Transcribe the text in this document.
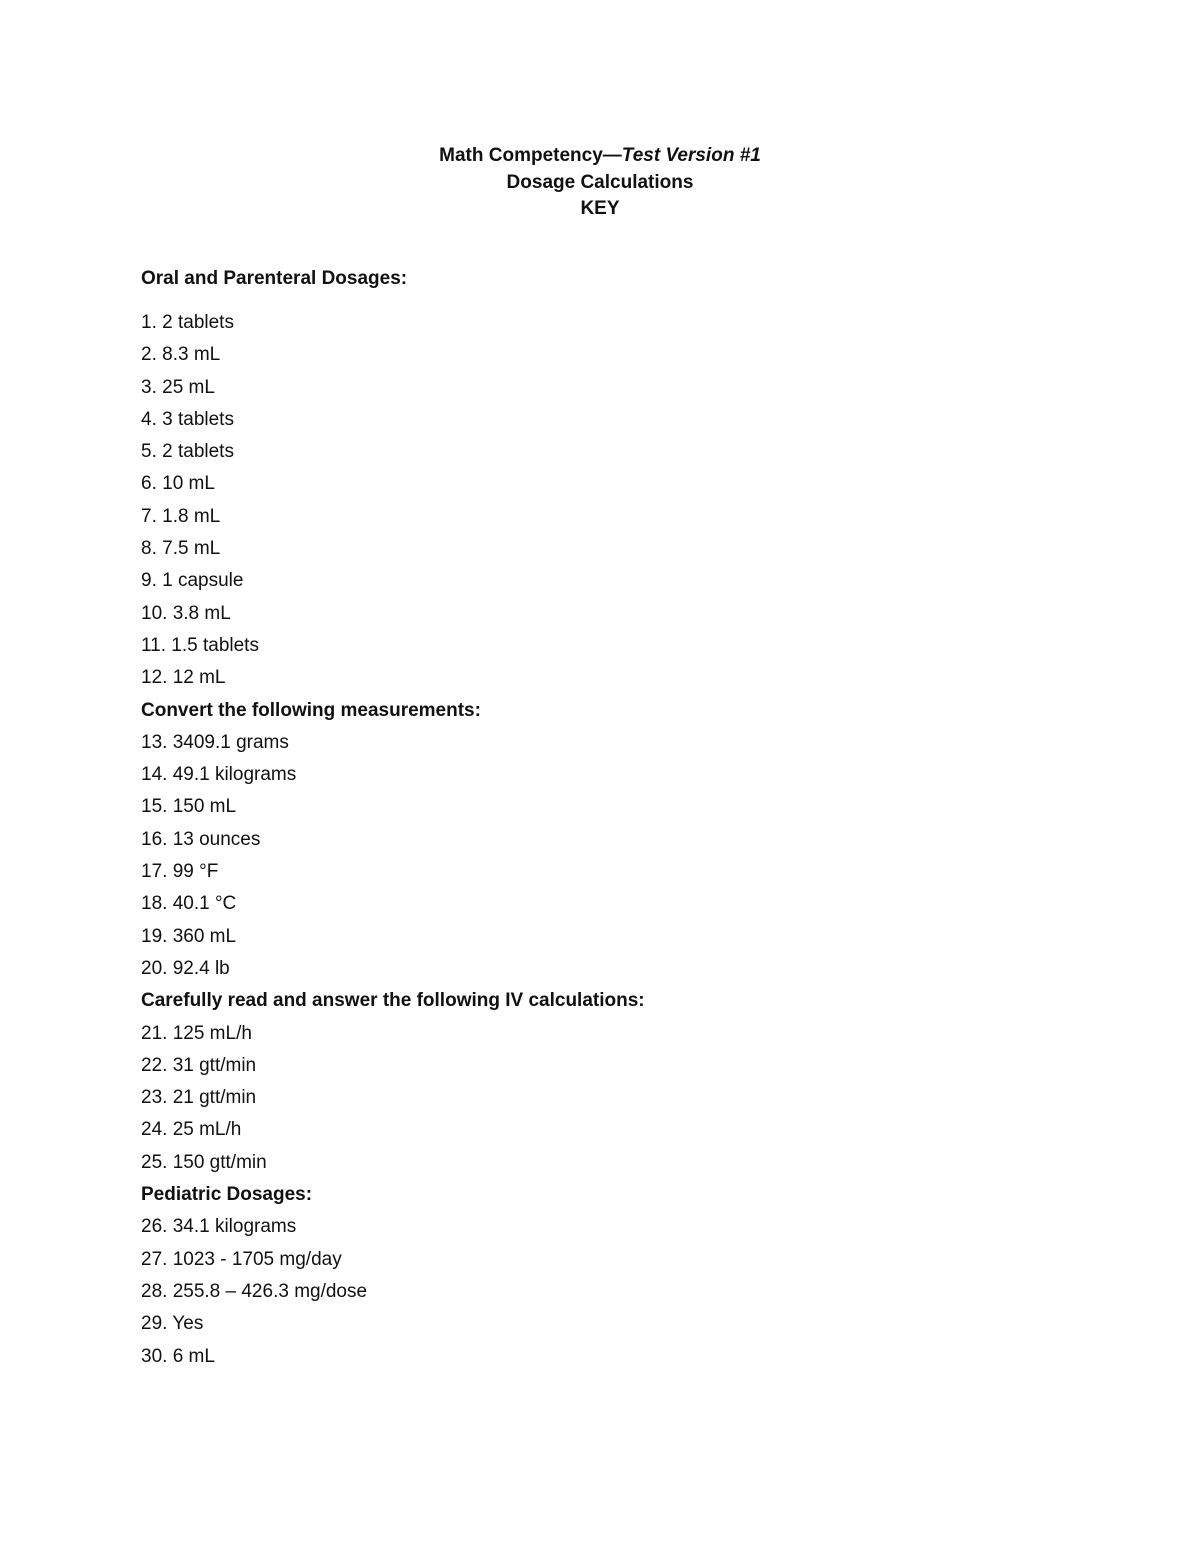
Math Competency—Test Version #1
Dosage Calculations
KEY
Oral and Parenteral Dosages:
1. 2 tablets
2. 8.3 mL
3. 25 mL
4. 3 tablets
5. 2 tablets
6. 10 mL
7. 1.8 mL
8. 7.5 mL
9. 1 capsule
10. 3.8 mL
11. 1.5 tablets
12. 12 mL
Convert the following measurements:
13. 3409.1 grams
14. 49.1 kilograms
15. 150 mL
16. 13 ounces
17. 99 °F
18. 40.1 °C
19. 360 mL
20. 92.4 lb
Carefully read and answer the following IV calculations:
21. 125 mL/h
22. 31 gtt/min
23. 21 gtt/min
24. 25 mL/h
25. 150 gtt/min
Pediatric Dosages:
26. 34.1 kilograms
27. 1023 - 1705 mg/day
28. 255.8 – 426.3 mg/dose
29. Yes
30. 6 mL
